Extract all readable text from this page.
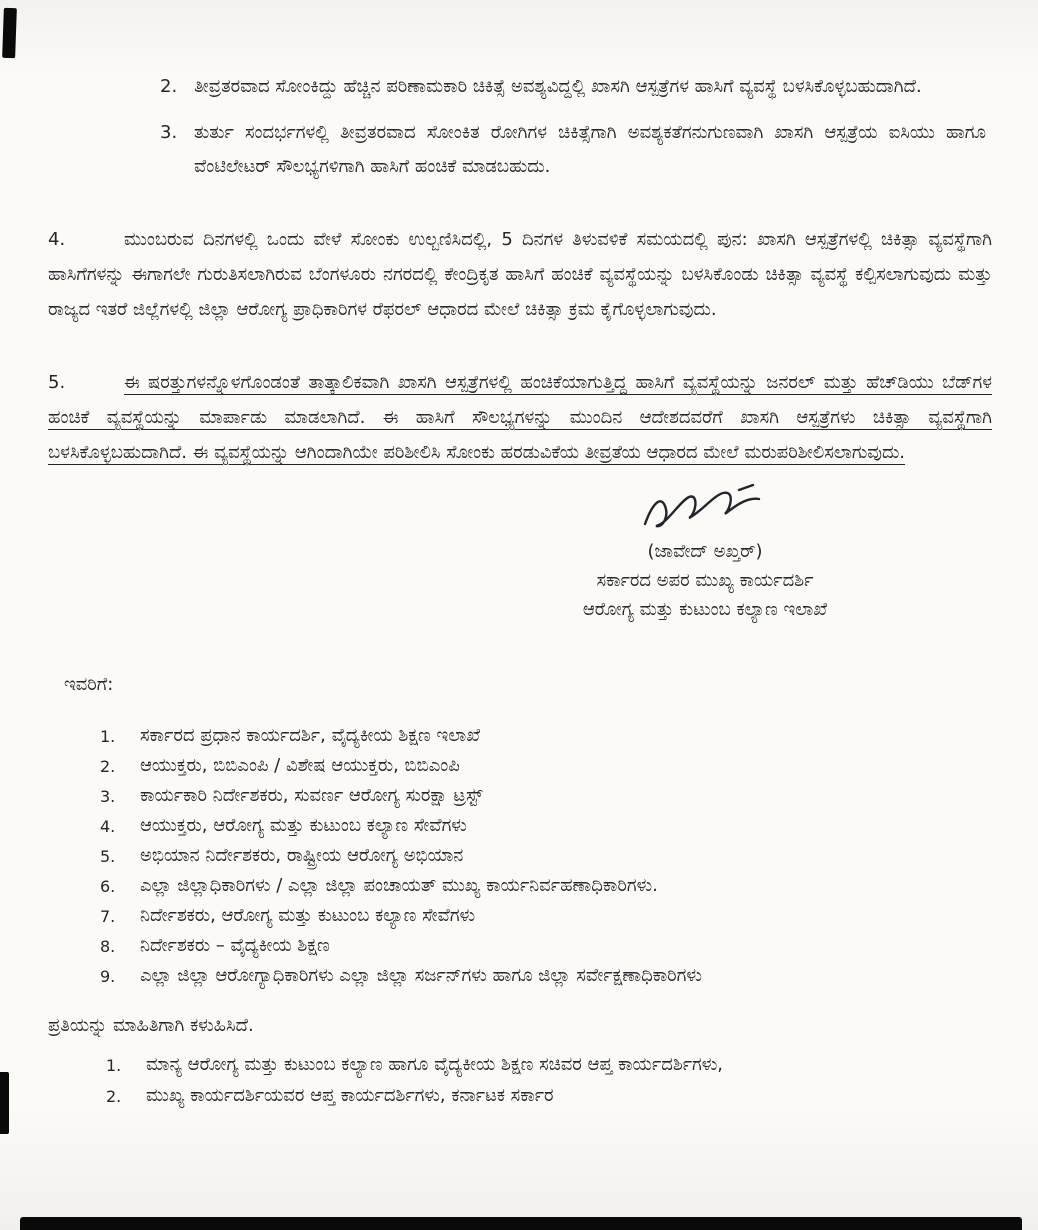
2. ತೀವ್ರತರವಾದ ಸೋಂಕಿದ್ದು ಹೆಚ್ಚಿನ ಪರಿಣಾಮಕಾರಿ ಚಿಕಿತ್ಸೆ ಅವಶ್ಯವಿದ್ದಲ್ಲಿ ಖಾಸಗಿ ಆಸ್ಪತ್ರೆಗಳ ಹಾಸಿಗೆ ವ್ಯವಸ್ಥೆ ಬಳಸಿಕೊಳ್ಳಬಹುದಾಗಿದೆ.
3. ತುರ್ತು ಸಂದರ್ಭಗಳಲ್ಲಿ ತೀವ್ರತರವಾದ ಸೋಂಕಿತ ರೋಗಿಗಳ ಚಿಕಿತ್ಸೆಗಾಗಿ ಅವಶ್ಯಕತೆಗನುಗುಣವಾಗಿ ಖಾಸಗಿ ಆಸ್ಪತ್ರೆಯ ಐಸಿಯು ಹಾಗೂ ವೆಂಟಿಲೇಟರ್ ಸೌಲಭ್ಯಗಳಿಗಾಗಿ ಹಾಸಿಗೆ ಹಂಚಿಕೆ ಮಾಡಬಹುದು.
4.	ಮುಂಬರುವ ದಿನಗಳಲ್ಲಿ ಒಂದು ವೇಳೆ ಸೋಂಕು ಉಲ್ಬಣಿಸಿದಲ್ಲಿ, 5 ದಿನಗಳ ತಿಳುವಳಿಕೆ ಸಮಯದಲ್ಲಿ ಪುನ: ಖಾಸಗಿ ಆಸ್ಪತ್ರೆಗಳಲ್ಲಿ ಚಿಕಿತ್ಸಾ ವ್ಯವಸ್ಥೆಗಾಗಿ ಹಾಸಿಗೆಗಳನ್ನು ಈಗಾಗಲೇ ಗುರುತಿಸಲಾಗಿರುವ ಬೆಂಗಳೂರು ನಗರದಲ್ಲಿ ಕೇಂದ್ರಿಕೃತ ಹಾಸಿಗೆ ಹಂಚಿಕೆ ವ್ಯವಸ್ಥೆಯನ್ನು ಬಳಸಿಕೊಂಡು ಚಿಕಿತ್ಸಾ ವ್ಯವಸ್ಥೆ ಕಲ್ಪಿಸಲಾಗುವುದು ಮತ್ತು ರಾಜ್ಯದ ಇತರೆ ಜಿಲ್ಲೆಗಳಲ್ಲಿ ಜಿಲ್ಲಾ ಆರೋಗ್ಯ ಪ್ರಾಧಿಕಾರಿಗಳ ರೆಫರಲ್ ಆಧಾರದ ಮೇಲೆ ಚಿಕಿತ್ಸಾ ಕ್ರಮ ಕೈಗೊಳ್ಳಲಾಗುವುದು.
5.	ಈ ಷರತ್ತುಗಳನ್ನೊಳಗೊಂಡಂತೆ ತಾತ್ಕಾಲಿಕವಾಗಿ ಖಾಸಗಿ ಆಸ್ಪತ್ರೆಗಳಲ್ಲಿ ಹಂಚಿಕೆಯಾಗುತ್ತಿದ್ದ ಹಾಸಿಗೆ ವ್ಯವಸ್ಥೆಯನ್ನು ಜನರಲ್ ಮತ್ತು ಹೆಚ್‌ಡಿಯು ಬೆಡ್‌ಗಳ ಹಂಚಿಕೆ ವ್ಯವಸ್ಥೆಯನ್ನು ಮಾರ್ಪಾಡು ಮಾಡಲಾಗಿದೆ. ಈ ಹಾಸಿಗೆ ಸೌಲಭ್ಯಗಳನ್ನು ಮುಂದಿನ ಆದೇಶದವರೆಗೆ ಖಾಸಗಿ ಆಸ್ಪತ್ರೆಗಳು ಚಿಕಿತ್ಸಾ ವ್ಯವಸ್ಥೆಗಾಗಿ ಬಳಸಿಕೊಳ್ಳಬಹುದಾಗಿದೆ. ಈ ವ್ಯವಸ್ಥೆಯನ್ನು ಆಗಿಂದಾಗಿಯೇ ಪರಿಶೀಲಿಸಿ ಸೋಂಕು ಹರಡುವಿಕೆಯ ತೀವ್ರತೆಯ ಆಧಾರದ ಮೇಲೆ ಮರುಪರಿಶೀಲಿಸಲಾಗುವುದು.
(ಜಾವೇದ್ ಅಖ್ತರ್)
ಸರ್ಕಾರದ ಅಪರ ಮುಖ್ಯ ಕಾರ್ಯದರ್ಶಿ
ಆರೋಗ್ಯ ಮತ್ತು ಕುಟುಂಬ ಕಲ್ಯಾಣ ಇಲಾಖೆ
ಇವರಿಗೆ:
1.	ಸರ್ಕಾರದ ಪ್ರಧಾನ ಕಾರ್ಯದರ್ಶಿ, ವೈದ್ಯಕೀಯ ಶಿಕ್ಷಣ ಇಲಾಖೆ
2.	ಆಯುಕ್ತರು, ಬಿಬಿಎಂಪಿ / ವಿಶೇಷ ಆಯುಕ್ತರು, ಬಿಬಿಎಂಪಿ
3.	ಕಾರ್ಯಕಾರಿ ನಿರ್ದೇಶಕರು, ಸುವರ್ಣ ಆರೋಗ್ಯ ಸುರಕ್ಷಾ ಟ್ರಸ್ಟ್
4.	ಆಯುಕ್ತರು, ಆರೋಗ್ಯ ಮತ್ತು ಕುಟುಂಬ ಕಲ್ಯಾಣ ಸೇವೆಗಳು
5.	ಅಭಿಯಾನ ನಿರ್ದೇಶಕರು, ರಾಷ್ಟ್ರೀಯ ಆರೋಗ್ಯ ಅಭಿಯಾನ
6.	ಎಲ್ಲಾ ಜಿಲ್ಲಾಧಿಕಾರಿಗಳು / ಎಲ್ಲಾ ಜಿಲ್ಲಾ ಪಂಚಾಯತ್ ಮುಖ್ಯ ಕಾರ್ಯನಿರ್ವಹಣಾಧಿಕಾರಿಗಳು.
7.	ನಿರ್ದೇಶಕರು, ಆರೋಗ್ಯ ಮತ್ತು ಕುಟುಂಬ ಕಲ್ಯಾಣ ಸೇವೆಗಳು
8.	ನಿರ್ದೇಶಕರು – ವೈದ್ಯಕೀಯ ಶಿಕ್ಷಣ
9.	ಎಲ್ಲಾ ಜಿಲ್ಲಾ ಆರೋಗ್ಯಾಧಿಕಾರಿಗಳು ಎಲ್ಲಾ ಜಿಲ್ಲಾ ಸರ್ಜನ್‌ಗಳು ಹಾಗೂ ಜಿಲ್ಲಾ ಸರ್ವೇಕ್ಷಣಾಧಿಕಾರಿಗಳು
ಪ್ರತಿಯನ್ನು ಮಾಹಿತಿಗಾಗಿ ಕಳುಹಿಸಿದೆ.
1.	ಮಾನ್ಯ ಆರೋಗ್ಯ ಮತ್ತು ಕುಟುಂಬ ಕಲ್ಯಾಣ ಹಾಗೂ ವೈದ್ಯಕೀಯ ಶಿಕ್ಷಣ ಸಚಿವರ ಆಪ್ತ ಕಾರ್ಯದರ್ಶಿಗಳು,
2.	ಮುಖ್ಯ ಕಾರ್ಯದರ್ಶಿಯವರ ಆಪ್ತ ಕಾರ್ಯದರ್ಶಿಗಳು, ಕರ್ನಾಟಕ ಸರ್ಕಾರ
